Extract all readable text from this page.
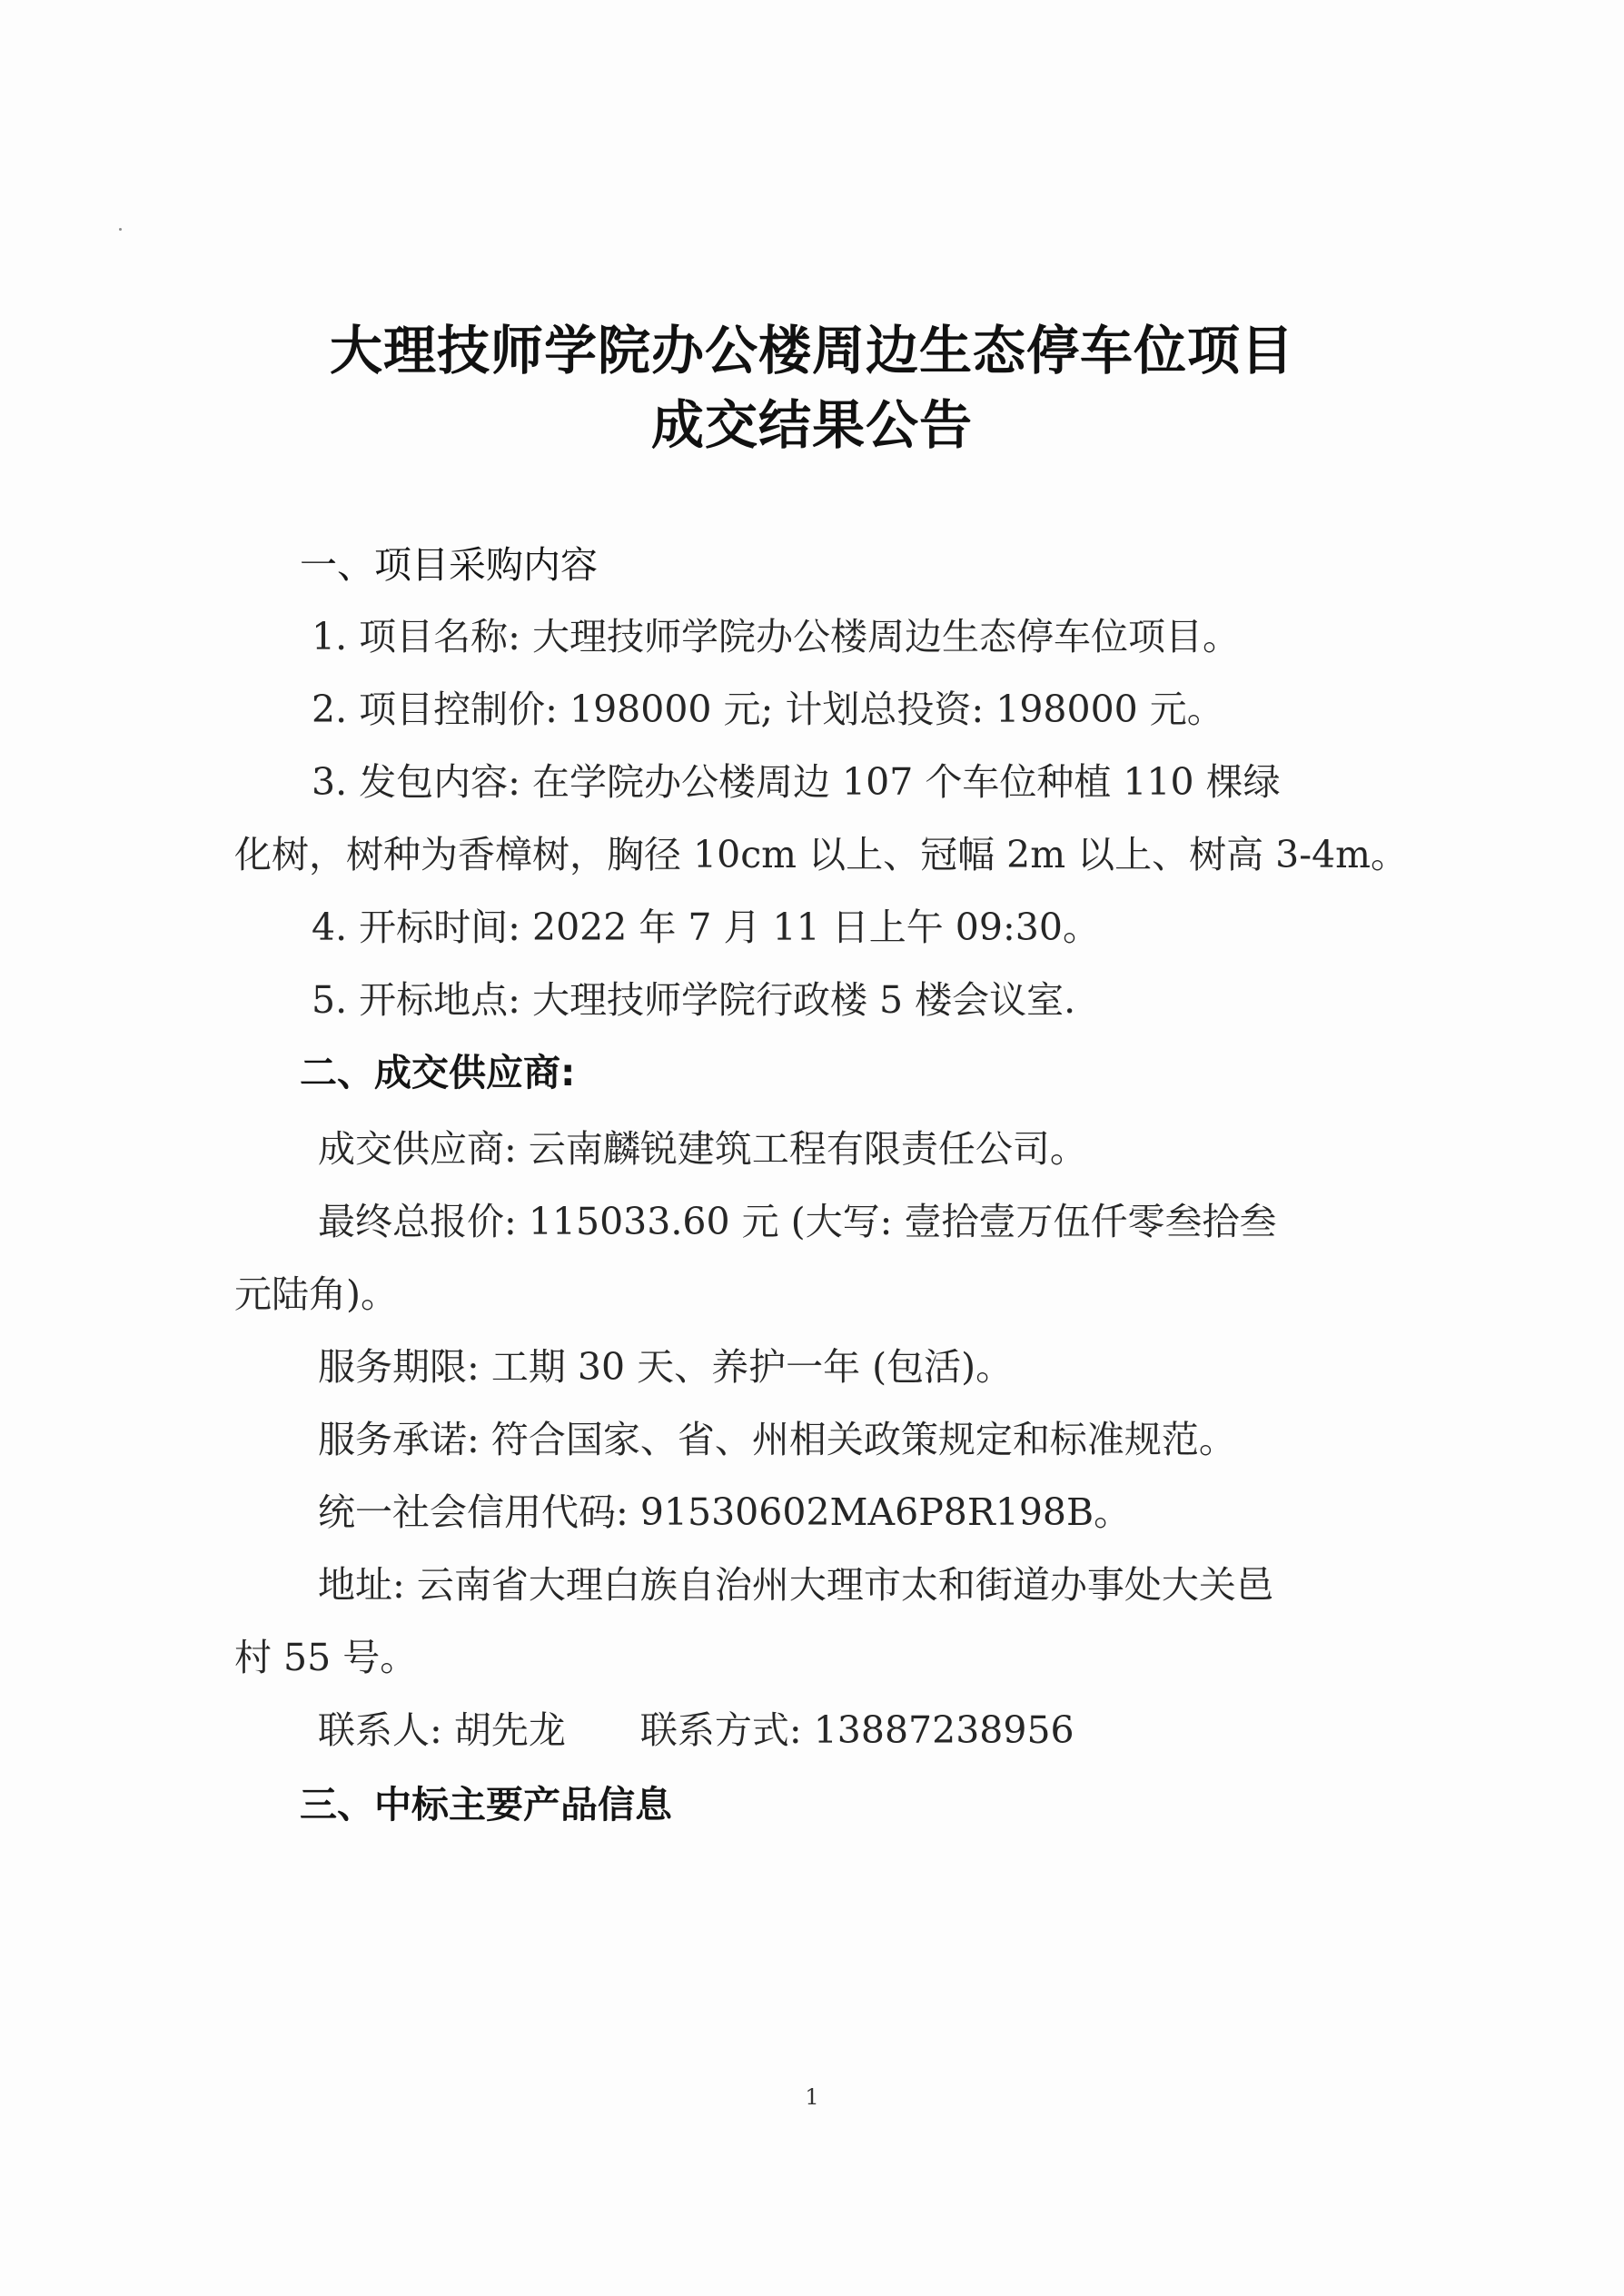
大理技师学院办公楼周边生态停车位项目
成交结果公告
一、项目采购内容
1. 项目名称: 大理技师学院办公楼周边生态停车位项目。
2. 项目控制价: 198000 元; 计划总投资: 198000 元。
3. 发包内容: 在学院办公楼周边 107 个车位种植 110 棵绿
化树，树种为香樟树，胸径 10cm 以上、冠幅 2m 以上、树高 3-4m。
4. 开标时间: 2022 年 7 月 11 日上午 09:30。
5. 开标地点: 大理技师学院行政楼 5 楼会议室.
二、成交供应商:
成交供应商: 云南麟锐建筑工程有限责任公司。
最终总报价: 115033.60 元 (大写: 壹拾壹万伍仟零叁拾叁
元陆角)。
服务期限: 工期 30 天、养护一年 (包活)。
服务承诺: 符合国家、省、州相关政策规定和标准规范。
统一社会信用代码: 91530602MA6P8R198B。
地址: 云南省大理白族自治州大理市太和街道办事处大关邑
村 55 号。
联系人: 胡先龙　　联系方式: 13887238956
三、中标主要产品信息
1
